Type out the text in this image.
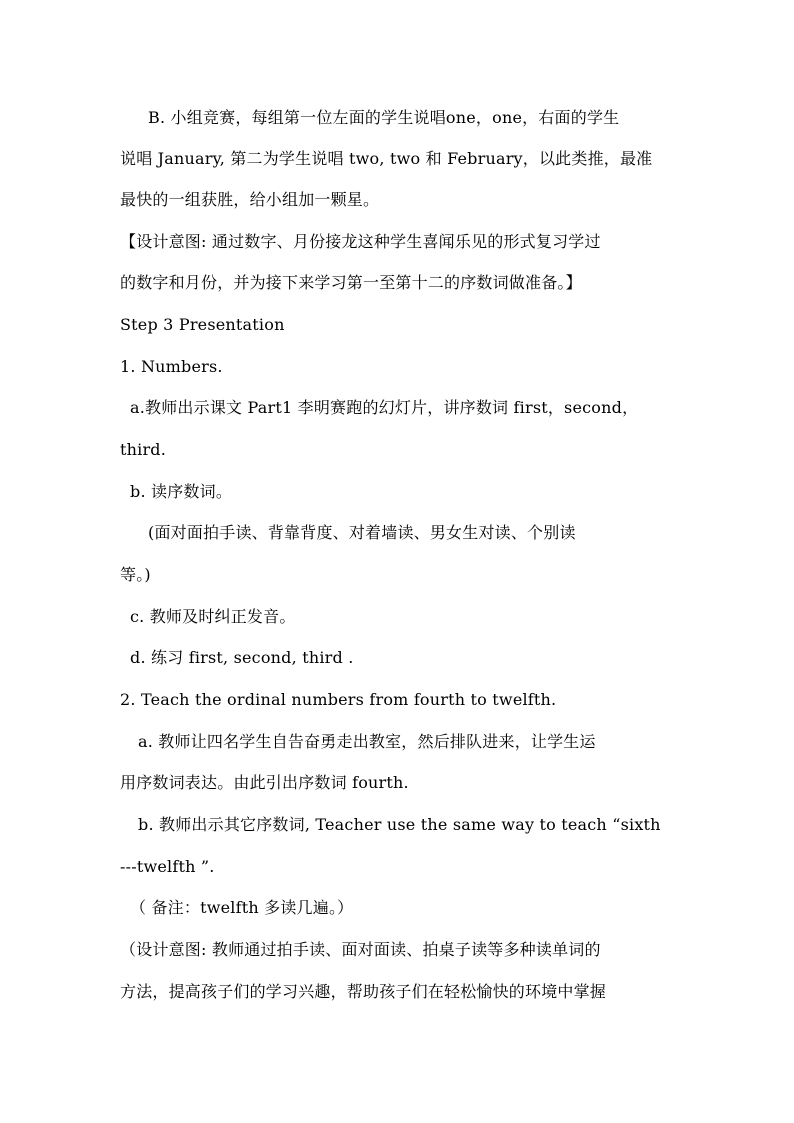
B. 小组竞赛，每组第一位左面的学生说唱one，one，右面的学生
说唱 January, 第二为学生说唱 two, two 和 February，以此类推，最准
最快的一组获胜，给小组加一颗星。
【设计意图: 通过数字、月份接龙这种学生喜闻乐见的形式复习学过
的数字和月份，并为接下来学习第一至第十二的序数词做准备。】
Step 3 Presentation
1. Numbers.
a.教师出示课文 Part1 李明赛跑的幻灯片，讲序数词 first，second，
third.
b. 读序数词。
(面对面拍手读、背靠背度、对着墙读、男女生对读、个别读
等。)
c. 教师及时纠正发音。
d. 练习 first, second, third .
2. Teach the ordinal numbers from fourth to twelfth.
a. 教师让四名学生自告奋勇走出教室，然后排队进来，让学生运
用序数词表达。由此引出序数词 fourth.
b. 教师出示其它序数词, Teacher use the same way to teach “sixth
---twelfth ”.
（ 备注：twelfth 多读几遍。）
（设计意图: 教师通过拍手读、面对面读、拍桌子读等多种读单词的
方法，提高孩子们的学习兴趣，帮助孩子们在轻松愉快的环境中掌握
